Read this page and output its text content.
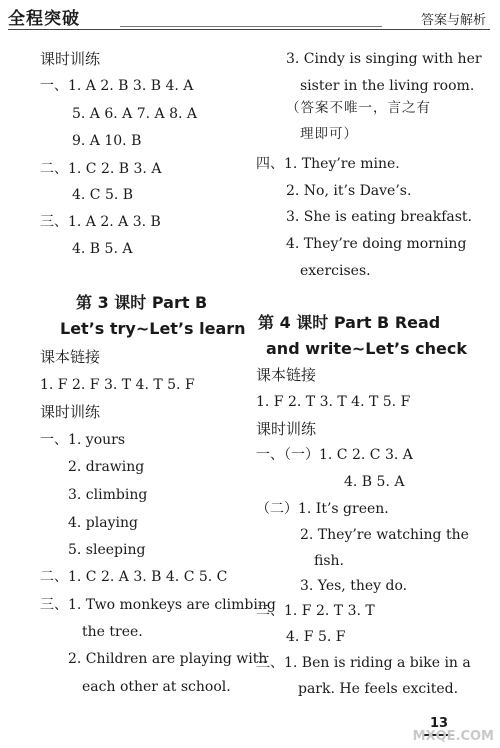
全程突破	答案与解析
课时训练
一、1. A 2. B 3. B 4. A
5. A 6. A 7. A 8. A
9. A 10. B
二、1. C 2. B 3. A
4. C 5. B
三、1. A 2. A 3. B
4. B 5. A
第 3 课时 Part B
Let’s try~Let’s learn
课本链接
1. F 2. F 3. T 4. T 5. F
课时训练
一、1. yours
2. drawing
3. climbing
4. playing
5. sleeping
二、1. C 2. A 3. B 4. C 5. C
三、1. Two monkeys are climbing
the tree.
2. Children are playing with
each other at school.
3. Cindy is singing with her
sister in the living room.
（答案不唯一，言之有
理即可）
四、1. They’re mine.
2. No, it’s Dave’s.
3. She is eating breakfast.
4. They’re doing morning
exercises.
第 4 课时 Part B Read
and write~Let’s check
课本链接
1. F 2. T 3. T 4. T 5. F
课时训练
一、（一）1. C 2. C 3. A
4. B 5. A
（二）1. It’s green.
2. They’re watching the
fish.
3. Yes, they do.
二、1. F 2. T 3. T
4. F 5. F
三、1. Ben is riding a bike in a
park. He feels excited.
13
MXQE.COM
